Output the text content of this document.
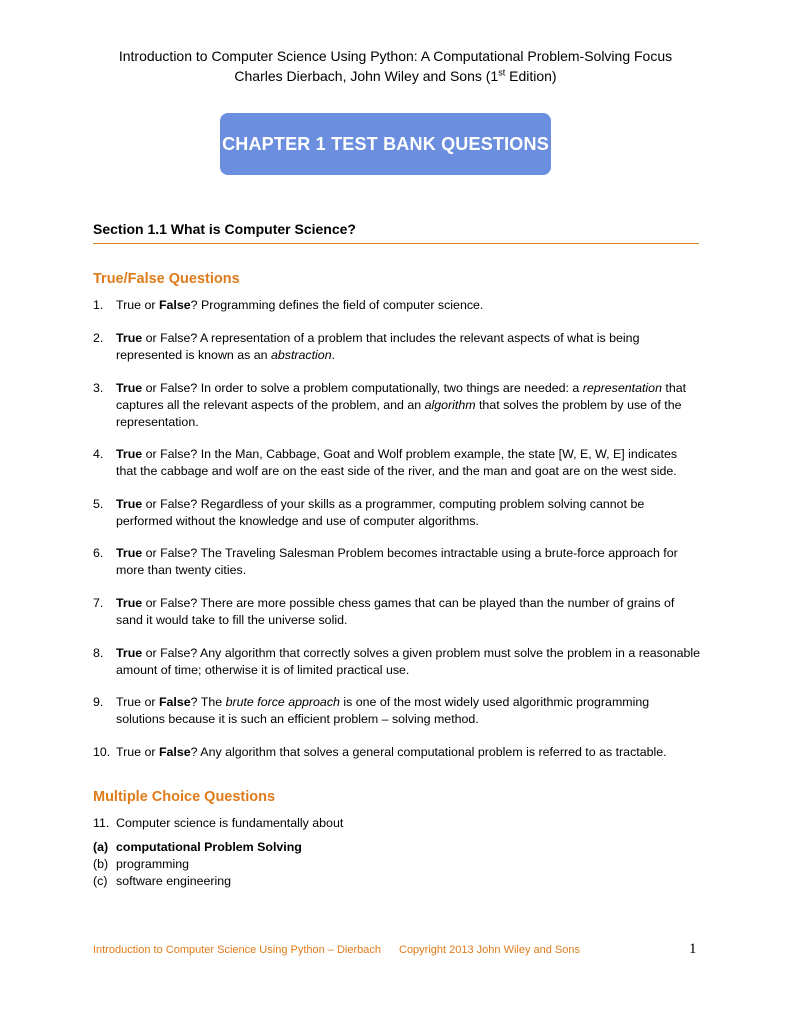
Introduction to Computer Science Using Python: A Computational Problem-Solving Focus
Charles Dierbach, John Wiley and Sons (1st Edition)
CHAPTER 1 TEST BANK QUESTIONS
Section 1.1 What is Computer Science?
True/False Questions
1. True or False? Programming defines the field of computer science.
2. True or False? A representation of a problem that includes the relevant aspects of what is being represented is known as an abstraction.
3. True or False? In order to solve a problem computationally, two things are needed: a representation that captures all the relevant aspects of the problem, and an algorithm that solves the problem by use of the representation.
4. True or False? In the Man, Cabbage, Goat and Wolf problem example, the state [W, E, W, E] indicates that the cabbage and wolf are on the east side of the river, and the man and goat are on the west side.
5. True or False? Regardless of your skills as a programmer, computing problem solving cannot be performed without the knowledge and use of computer algorithms.
6. True or False? The Traveling Salesman Problem becomes intractable using a brute-force approach for more than twenty cities.
7. True or False? There are more possible chess games that can be played than the number of grains of sand it would take to fill the universe solid.
8. True or False? Any algorithm that correctly solves a given problem must solve the problem in a reasonable amount of time; otherwise it is of limited practical use.
9. True or False? The brute force approach is one of the most widely used algorithmic programming solutions because it is such an efficient problem – solving method.
10. True or False? Any algorithm that solves a general computational problem is referred to as tractable.
Multiple Choice Questions
11. Computer science is fundamentally about
(a) computational Problem Solving
(b) programming
(c) software engineering
Introduction to Computer Science Using Python – Dierbach Copyright 2013 John Wiley and Sons	1
